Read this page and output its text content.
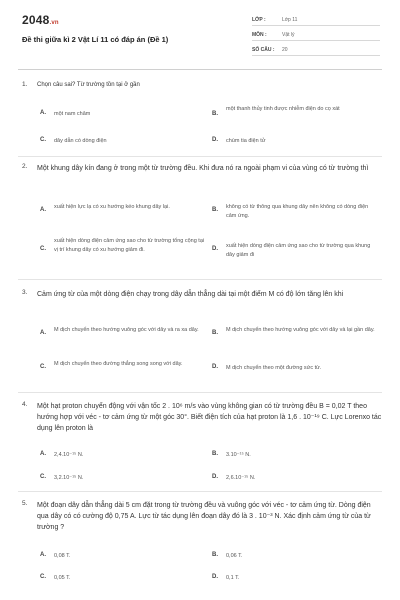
2048.vn
Đề thi giữa kì 2 Vật Lí 11 có đáp án (Đề 1)
LỚP :	Lớp 11
MÔN :	Vật lý
SỐ CÂU : 20
1. Chọn câu sai? Từ trường tồn tại ở gần
A. một nam châm	B.
một thanh thủy tinh được nhiễm điện do cọ xát
C. dây dẫn có dòng điện	D. chùm tia điện tử
2. Một khung dây kín đang ở trong một từ trường đều. Khi đưa nó ra ngoài phạm vi của vùng có từ trường thì
A. xuất hiện lực lạ có xu hướng kéo khung dây lại.	B. không có từ thông qua khung dây nên không có dòng điện cảm ứng.
C.
xuất hiện dòng điện cảm ứng sao cho từ trường tổng cộng tại vị trí khung dây có xu hướng giảm đi.	D. xuất hiện dòng điện cảm ứng sao cho từ trường qua khung dây giảm đi
3. Cảm ứng từ của một dòng điện chạy trong dây dẫn thẳng dài tại một điểm M có độ lớn tăng lên khi
A. M dịch chuyển theo hướng vuông góc với dây và ra xa dây.	B. M dịch chuyển theo hướng vuông góc với dây và lại gần dây.
C. M dịch chuyển theo đường thẳng song song với dây.	D. M dịch chuyển theo một đường sức từ.
4. Một hạt proton chuyển động với vận tốc 2 . 10⁶ m/s vào vùng không gian có từ trường đều B = 0,02 T theo hướng hợp với véc - tơ cảm ứng từ một góc 30°. Biết điện tích của hạt proton là 1,6 . 10⁻¹⁹ C. Lực Lorenxo tác dụng lên proton là
A. 2,4.10⁻¹⁵ N.	B. 3.10⁻¹⁵ N.
C. 3,2.10⁻¹⁵ N.	D. 2,6.10⁻¹⁵ N.
5. Một đoạn dây dẫn thẳng dài 5 cm đặt trong từ trường đều và vuông góc với véc - tơ cảm ứng từ. Dòng điện qua dây có có cường độ 0,75 A. Lực từ tác dụng lên đoạn dây đó là 3 . 10⁻³ N. Xác định cảm ứng từ của từ trường ?
A. 0,08 T.	B. 0,06 T.
C. 0,05 T.	D. 0,1 T.
